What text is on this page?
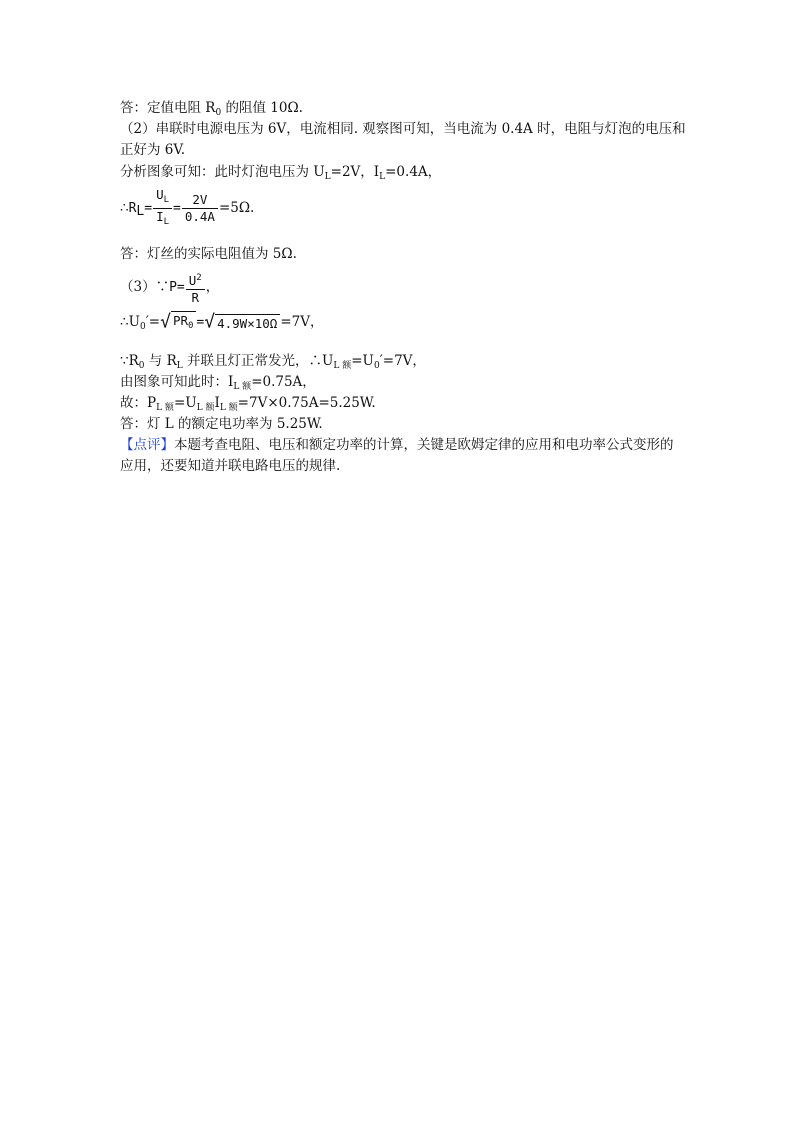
答：定值电阻 $R_0$ 的阻值 10Ω.
（2）串联时电源电压为 6V，电流相同. 观察图可知，当电流为 0.4A 时，电阻与灯泡的电压和
正好为 6V.
分析图象可知：此时灯泡电压为 $U_L=2V$，$I_L=0.4A$，
$\therefore R_L= \frac{U_L}{I_L} = \frac{2V}{0.4A} =5\Omega$.
答：灯丝的实际电阻值为 5Ω.
（3）∵P= $\frac{U^2}{R}$ ，
$\therefore U_0'=√$ $PR_0$ =√ 4.9W×10Ω =7V，
$\because R_0$ 与 $R_L$ 并联且灯正常发光，$\therefore U_{L 额}=U_0'=7V$，
由图象可知此时：$I_{L 额}=0.75A$，
故：$P_{L 额}=U_{L 额}I_{L 额}=7V\times 0.75A=5.25W$.
答：灯 L 的额定电功率为 5.25W.
【点评】本题考查电阻、电压和额定功率的计算，关键是欧姆定律的应用和电功率公式变形的
应用，还要知道并联电路电压的规律.
